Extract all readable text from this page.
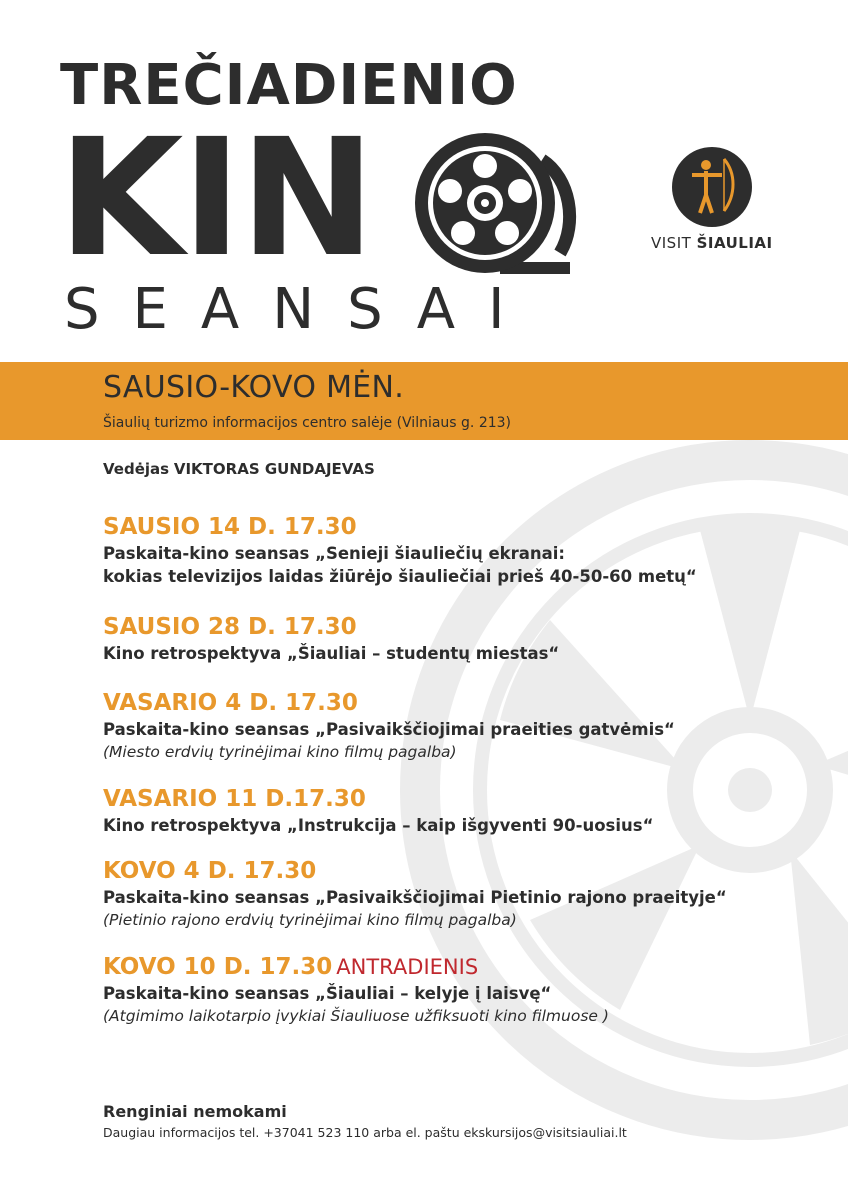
TREČIADIENIO
KIN
SEANSAI
VISIT ŠIAULIAI
SAUSIO-KOVO MĖN.
Šiaulių turizmo informacijos centro salėje (Vilniaus g. 213)
Vedėjas VIKTORAS GUNDAJEVAS
SAUSIO 14 D. 17.30
Paskaita-kino seansas „Senieji šiauliečių ekranai:
kokias televizijos laidas žiūrėjo šiauliečiai prieš 40-50-60 metų“
SAUSIO 28 D. 17.30
Kino retrospektyva „Šiauliai – studentų miestas“
VASARIO 4 D. 17.30
Paskaita-kino seansas „Pasivaikščiojimai praeities gatvėmis“
(Miesto erdvių tyrinėjimai kino filmų pagalba)
VASARIO 11 D.17.30
Kino retrospektyva „Instrukcija – kaip išgyventi 90-uosius“
KOVO 4 D. 17.30
Paskaita-kino seansas „Pasivaikščiojimai Pietinio rajono praeityje“
(Pietinio rajono erdvių tyrinėjimai kino filmų pagalba)
KOVO 10 D. 17.30 ANTRADIENIS
Paskaita-kino seansas „Šiauliai – kelyje į laisvę“
(Atgimimo laikotarpio įvykiai Šiauliuose užfiksuoti kino filmuose )
Renginiai nemokami
Daugiau informacijos tel. +37041 523 110 arba el. paštu ekskursijos@visitsiauliai.lt
